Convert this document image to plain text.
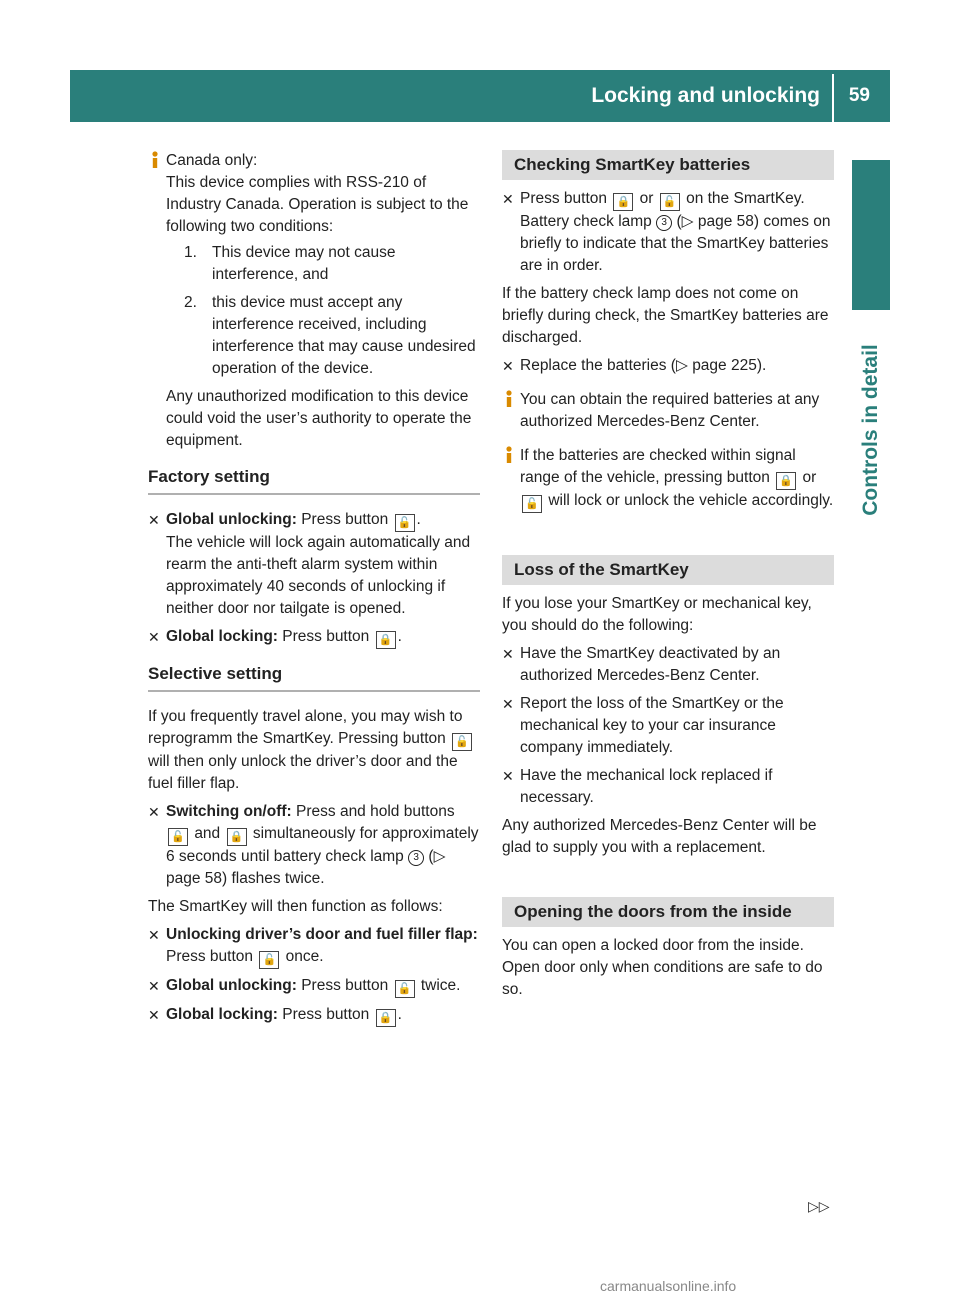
Locking and unlocking 59
Controls in detail
Canada only:
This device complies with RSS-210 of Industry Canada. Operation is subject to the following two conditions:
1. This device may not cause interference, and
2. this device must accept any interference received, including interference that may cause undesired operation of the device.
Any unauthorized modification to this device could void the user’s authority to operate the equipment.
Factory setting
✕ Global unlocking: Press button 🔓 .
The vehicle will lock again automatically and rearm the anti-theft alarm system within approximately 40 seconds of unlocking if neither door nor tailgate is opened.
✕ Global locking: Press button 🔒 .
Selective setting

If you frequently travel alone, you may wish to reprogramm the SmartKey. Pressing button 🔓 will then only unlock the driver’s door and the fuel filler flap.

✕ Switching on/off: Press and hold buttons 🔓 and 🔒 simultaneously for approximately 6 seconds until battery check lamp 3 (▷ page 58) flashes twice.

The SmartKey will then function as follows:

✕ Unlocking driver’s door and fuel filler flap: Press button 🔓 once.
✕ Global unlocking: Press button 🔓 twice.
✕ Global locking: Press button 🔒 .
Checking SmartKey batteries
✕ Press button 🔒 or 🔓 on the SmartKey.
Battery check lamp 3 (▷ page 58) comes on briefly to indicate that the SmartKey batteries are in order.

If the battery check lamp does not come on briefly during check, the SmartKey batteries are discharged.

✕ Replace the batteries (▷ page 225).
You can obtain the required batteries at any authorized Mercedes-Benz Center.
If the batteries are checked within signal range of the vehicle, pressing button 🔒 or 🔓 will lock or unlock the vehicle accordingly.
Loss of the SmartKey

If you lose your SmartKey or mechanical key, you should do the following:

✕ Have the SmartKey deactivated by an authorized Mercedes-Benz Center.
✕ Report the loss of the SmartKey or the mechanical key to your car insurance company immediately.
✕ Have the mechanical lock replaced if necessary.

Any authorized Mercedes-Benz Center will be glad to supply you with a replacement.

Opening the doors from the inside

You can open a locked door from the inside. Open door only when conditions are safe to do so.

▷▷
carmanualsonline.info
